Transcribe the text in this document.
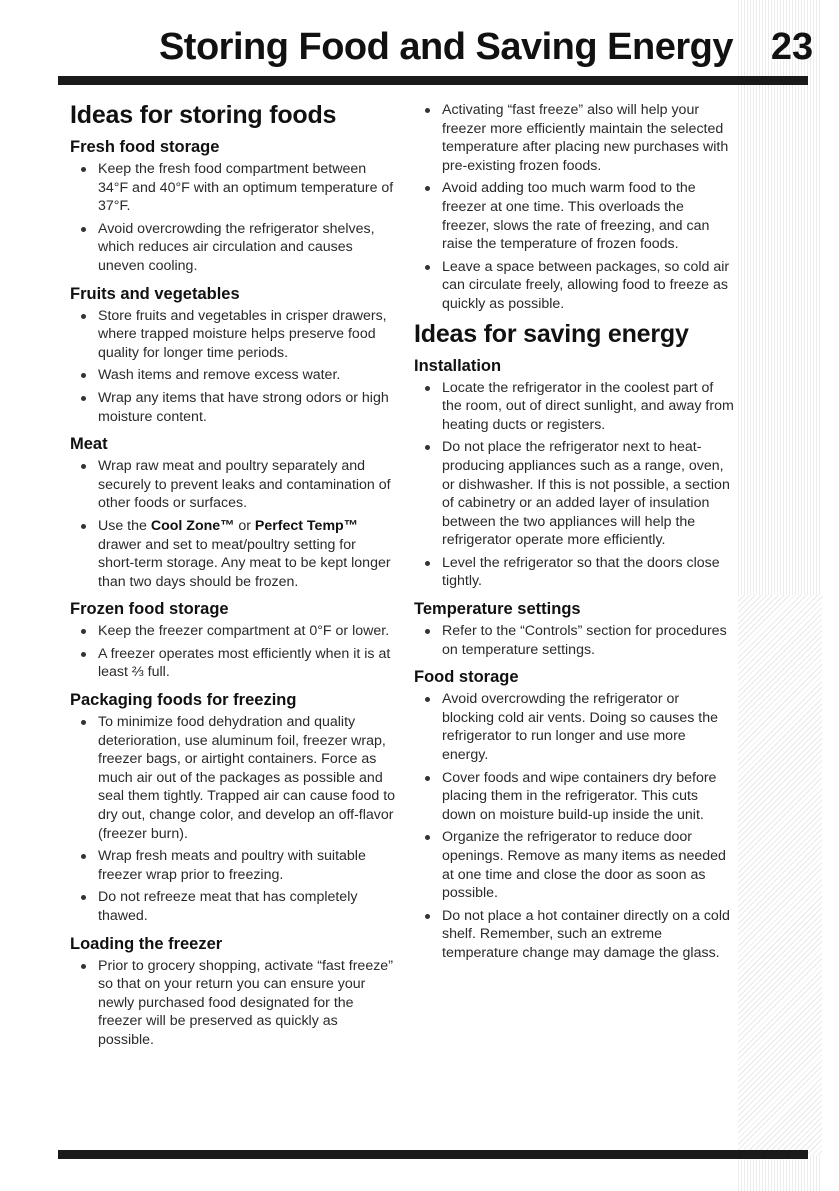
Storing Food and Saving Energy 23
Ideas for storing foods
Fresh food storage
Keep the fresh food compartment between 34°F and 40°F with an optimum temperature of 37°F.
Avoid overcrowding the refrigerator shelves, which reduces air circulation and causes uneven cooling.
Fruits and vegetables
Store fruits and vegetables in crisper drawers, where trapped moisture helps preserve food quality for longer time periods.
Wash items and remove excess water.
Wrap any items that have strong odors or high moisture content.
Meat
Wrap raw meat and poultry separately and securely to prevent leaks and contamination of other foods or surfaces.
Use the Cool Zone™ or Perfect Temp™ drawer and set to meat/poultry setting for short-term storage. Any meat to be kept longer than two days should be frozen.
Frozen food storage
Keep the freezer compartment at 0°F or lower.
A freezer operates most efficiently when it is at least ⅔ full.
Packaging foods for freezing
To minimize food dehydration and quality deterioration, use aluminum foil, freezer wrap, freezer bags, or airtight containers. Force as much air out of the packages as possible and seal them tightly. Trapped air can cause food to dry out, change color, and develop an off-flavor (freezer burn).
Wrap fresh meats and poultry with suitable freezer wrap prior to freezing.
Do not refreeze meat that has completely thawed.
Loading the freezer
Prior to grocery shopping, activate “fast freeze” so that on your return you can ensure your newly purchased food designated for the freezer will be preserved as quickly as possible.
Activating “fast freeze” also will help your freezer more efficiently maintain the selected temperature after placing new purchases with pre-existing frozen foods.
Avoid adding too much warm food to the freezer at one time. This overloads the freezer, slows the rate of freezing, and can raise the temperature of frozen foods.
Leave a space between packages, so cold air can circulate freely, allowing food to freeze as quickly as possible.
Ideas for saving energy
Installation
Locate the refrigerator in the coolest part of the room, out of direct sunlight, and away from heating ducts or registers.
Do not place the refrigerator next to heat-producing appliances such as a range, oven, or dishwasher. If this is not possible, a section of cabinetry or an added layer of insulation between the two appliances will help the refrigerator operate more efficiently.
Level the refrigerator so that the doors close tightly.
Temperature settings
Refer to the “Controls” section for procedures on temperature settings.
Food storage
Avoid overcrowding the refrigerator or blocking cold air vents. Doing so causes the refrigerator to run longer and use more energy.
Cover foods and wipe containers dry before placing them in the refrigerator. This cuts down on moisture build-up inside the unit.
Organize the refrigerator to reduce door openings. Remove as many items as needed at one time and close the door as soon as possible.
Do not place a hot container directly on a cold shelf. Remember, such an extreme temperature change may damage the glass.
